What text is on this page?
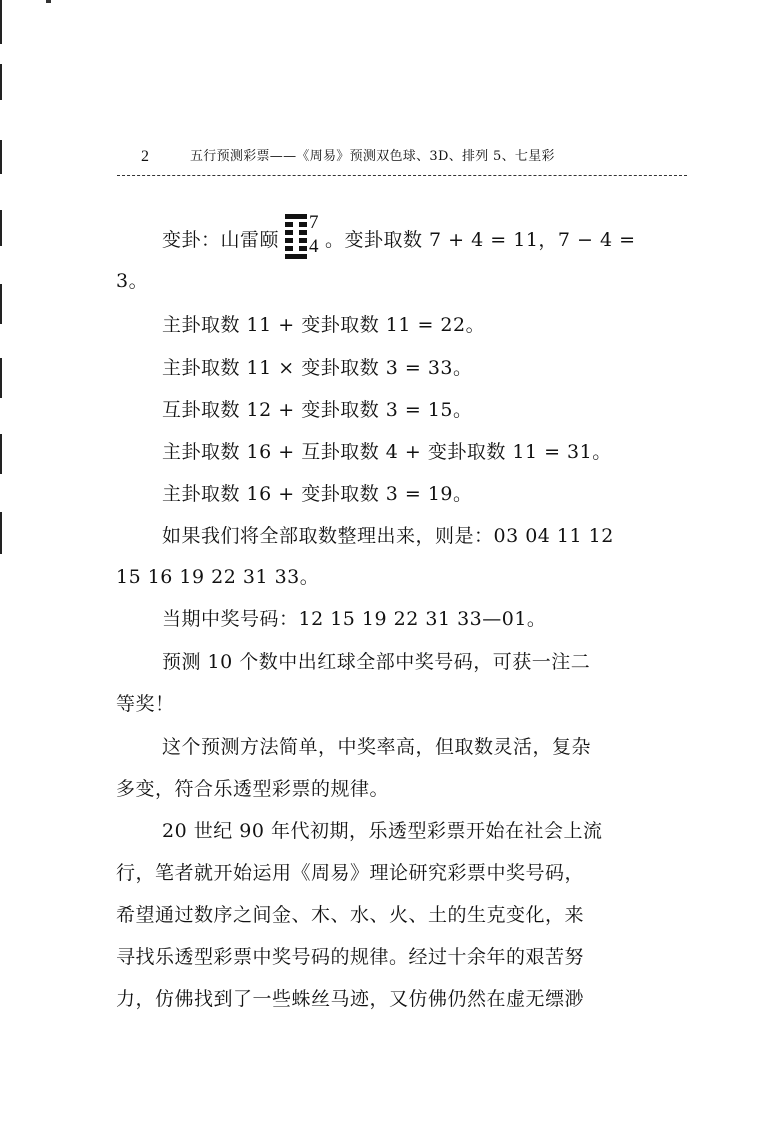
2	五行预测彩票——《周易》预测双色球、3D、排列 5、七星彩
变卦：山雷颐
7
4 。变卦取数 7 + 4 = 11，7 − 4 =
3。
主卦取数 11 + 变卦取数 11 = 22。
主卦取数 11 × 变卦取数 3 = 33。
互卦取数 12 + 变卦取数 3 = 15。
主卦取数 16 + 互卦取数 4 + 变卦取数 11 = 31。
主卦取数 16 + 变卦取数 3 = 19。
如果我们将全部取数整理出来，则是：03 04 11 12
15 16 19 22 31 33。
当期中奖号码：12 15 19 22 31 33—01。
预测 10 个数中出红球全部中奖号码，可获一注二
等奖！
这个预测方法简单，中奖率高，但取数灵活，复杂
多变，符合乐透型彩票的规律。
20 世纪 90 年代初期，乐透型彩票开始在社会上流
行，笔者就开始运用《周易》理论研究彩票中奖号码，
希望通过数序之间金、木、水、火、土的生克变化，来
寻找乐透型彩票中奖号码的规律。经过十余年的艰苦努
力，仿佛找到了一些蛛丝马迹，又仿佛仍然在虚无缥渺
